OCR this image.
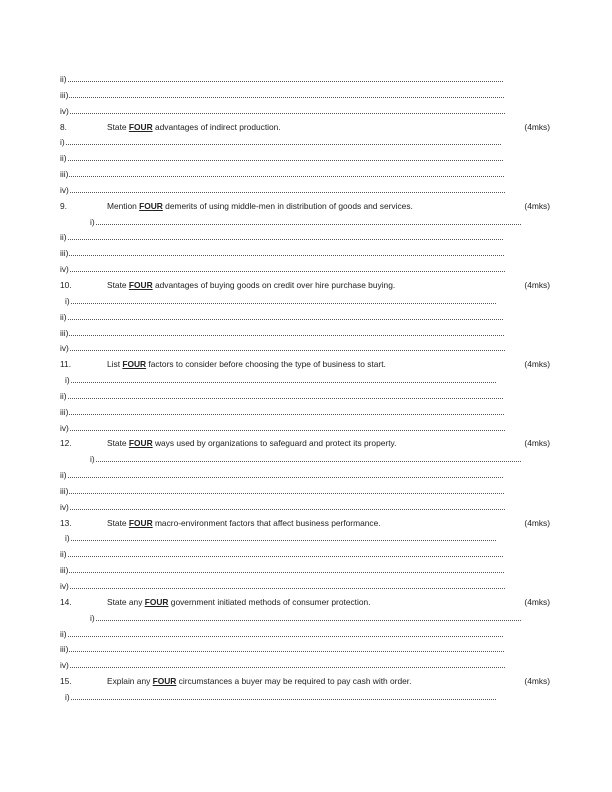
ii)
iii)
iv)
8.	State FOUR advantages of indirect production.	(4mks)
i)
ii)
iii)
iv)
9.	Mention FOUR demerits of using middle-men in distribution of goods and services.	(4mks)
i)
ii)
iii)
iv)
10.	State FOUR advantages of buying goods on credit over hire purchase buying.	(4mks)
i)
ii)
iii)
iv)
11.	List FOUR factors to consider before choosing the type of business to start.	(4mks)
i)
ii)
iii)
iv)
12.	State FOUR ways used by organizations to safeguard and protect its property.	(4mks)
i)
ii)
iii)
iv)
13.	State FOUR macro-environment factors that affect business performance.	(4mks)
i)
ii)
iii)
iv)
14.	State any FOUR government initiated methods of consumer protection.	(4mks)
i)
ii)
iii)
iv)
15.	Explain any FOUR circumstances a buyer may be required to pay cash with order.	(4mks)
i)
